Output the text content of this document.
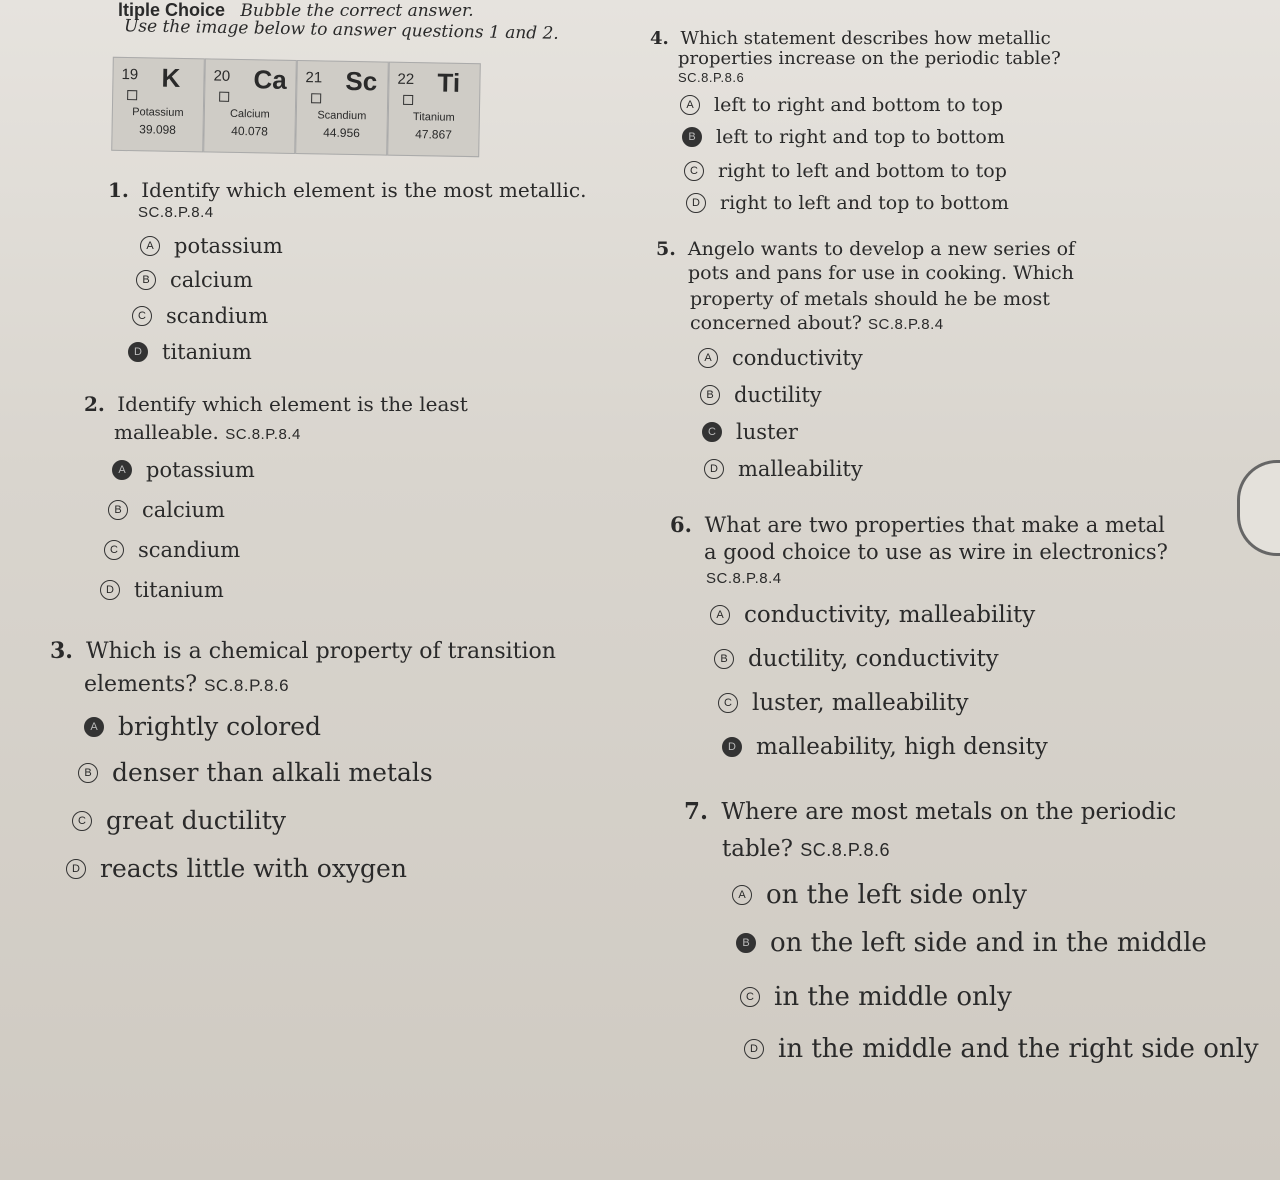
ltiple Choice Bubble the correct answer.
Use the image below to answer questions 1 and 2.
19 K
Potassium
39.098
20 Ca
Calcium
40.078
21 Sc
Scandium
44.956
22 Ti
Titanium
47.867
1. Identify which element is the most metallic.
SC.8.P.8.4
A potassium
B calcium
C scandium
D titanium
2. Identify which element is the least
malleable. SC.8.P.8.4
A potassium
B calcium
C scandium
D titanium
3. Which is a chemical property of transition
elements? SC.8.P.8.6
A brightly colored
B denser than alkali metals
C great ductility
D reacts little with oxygen
4. Which statement describes how metallic
properties increase on the periodic table?
SC.8.P.8.6
A	left to right and bottom to top
B	left to right and top to bottom
C	right to left and bottom to top
D	right to left and top to bottom
5. Angelo wants to develop a new series of
pots and pans for use in cooking. Which
property of metals should he be most
concerned about? SC.8.P.8.4
A conductivity
B ductility
C luster
D malleability
6. What are two properties that make a metal
a good choice to use as wire in electronics?
SC.8.P.8.4
A conductivity, malleability
B ductility, conductivity
C luster, malleability
D malleability, high density
7. Where are most metals on the periodic
table? SC.8.P.8.6
A on the left side only
B on the left side and in the middle
C in the middle only
D in the middle and the right side only
